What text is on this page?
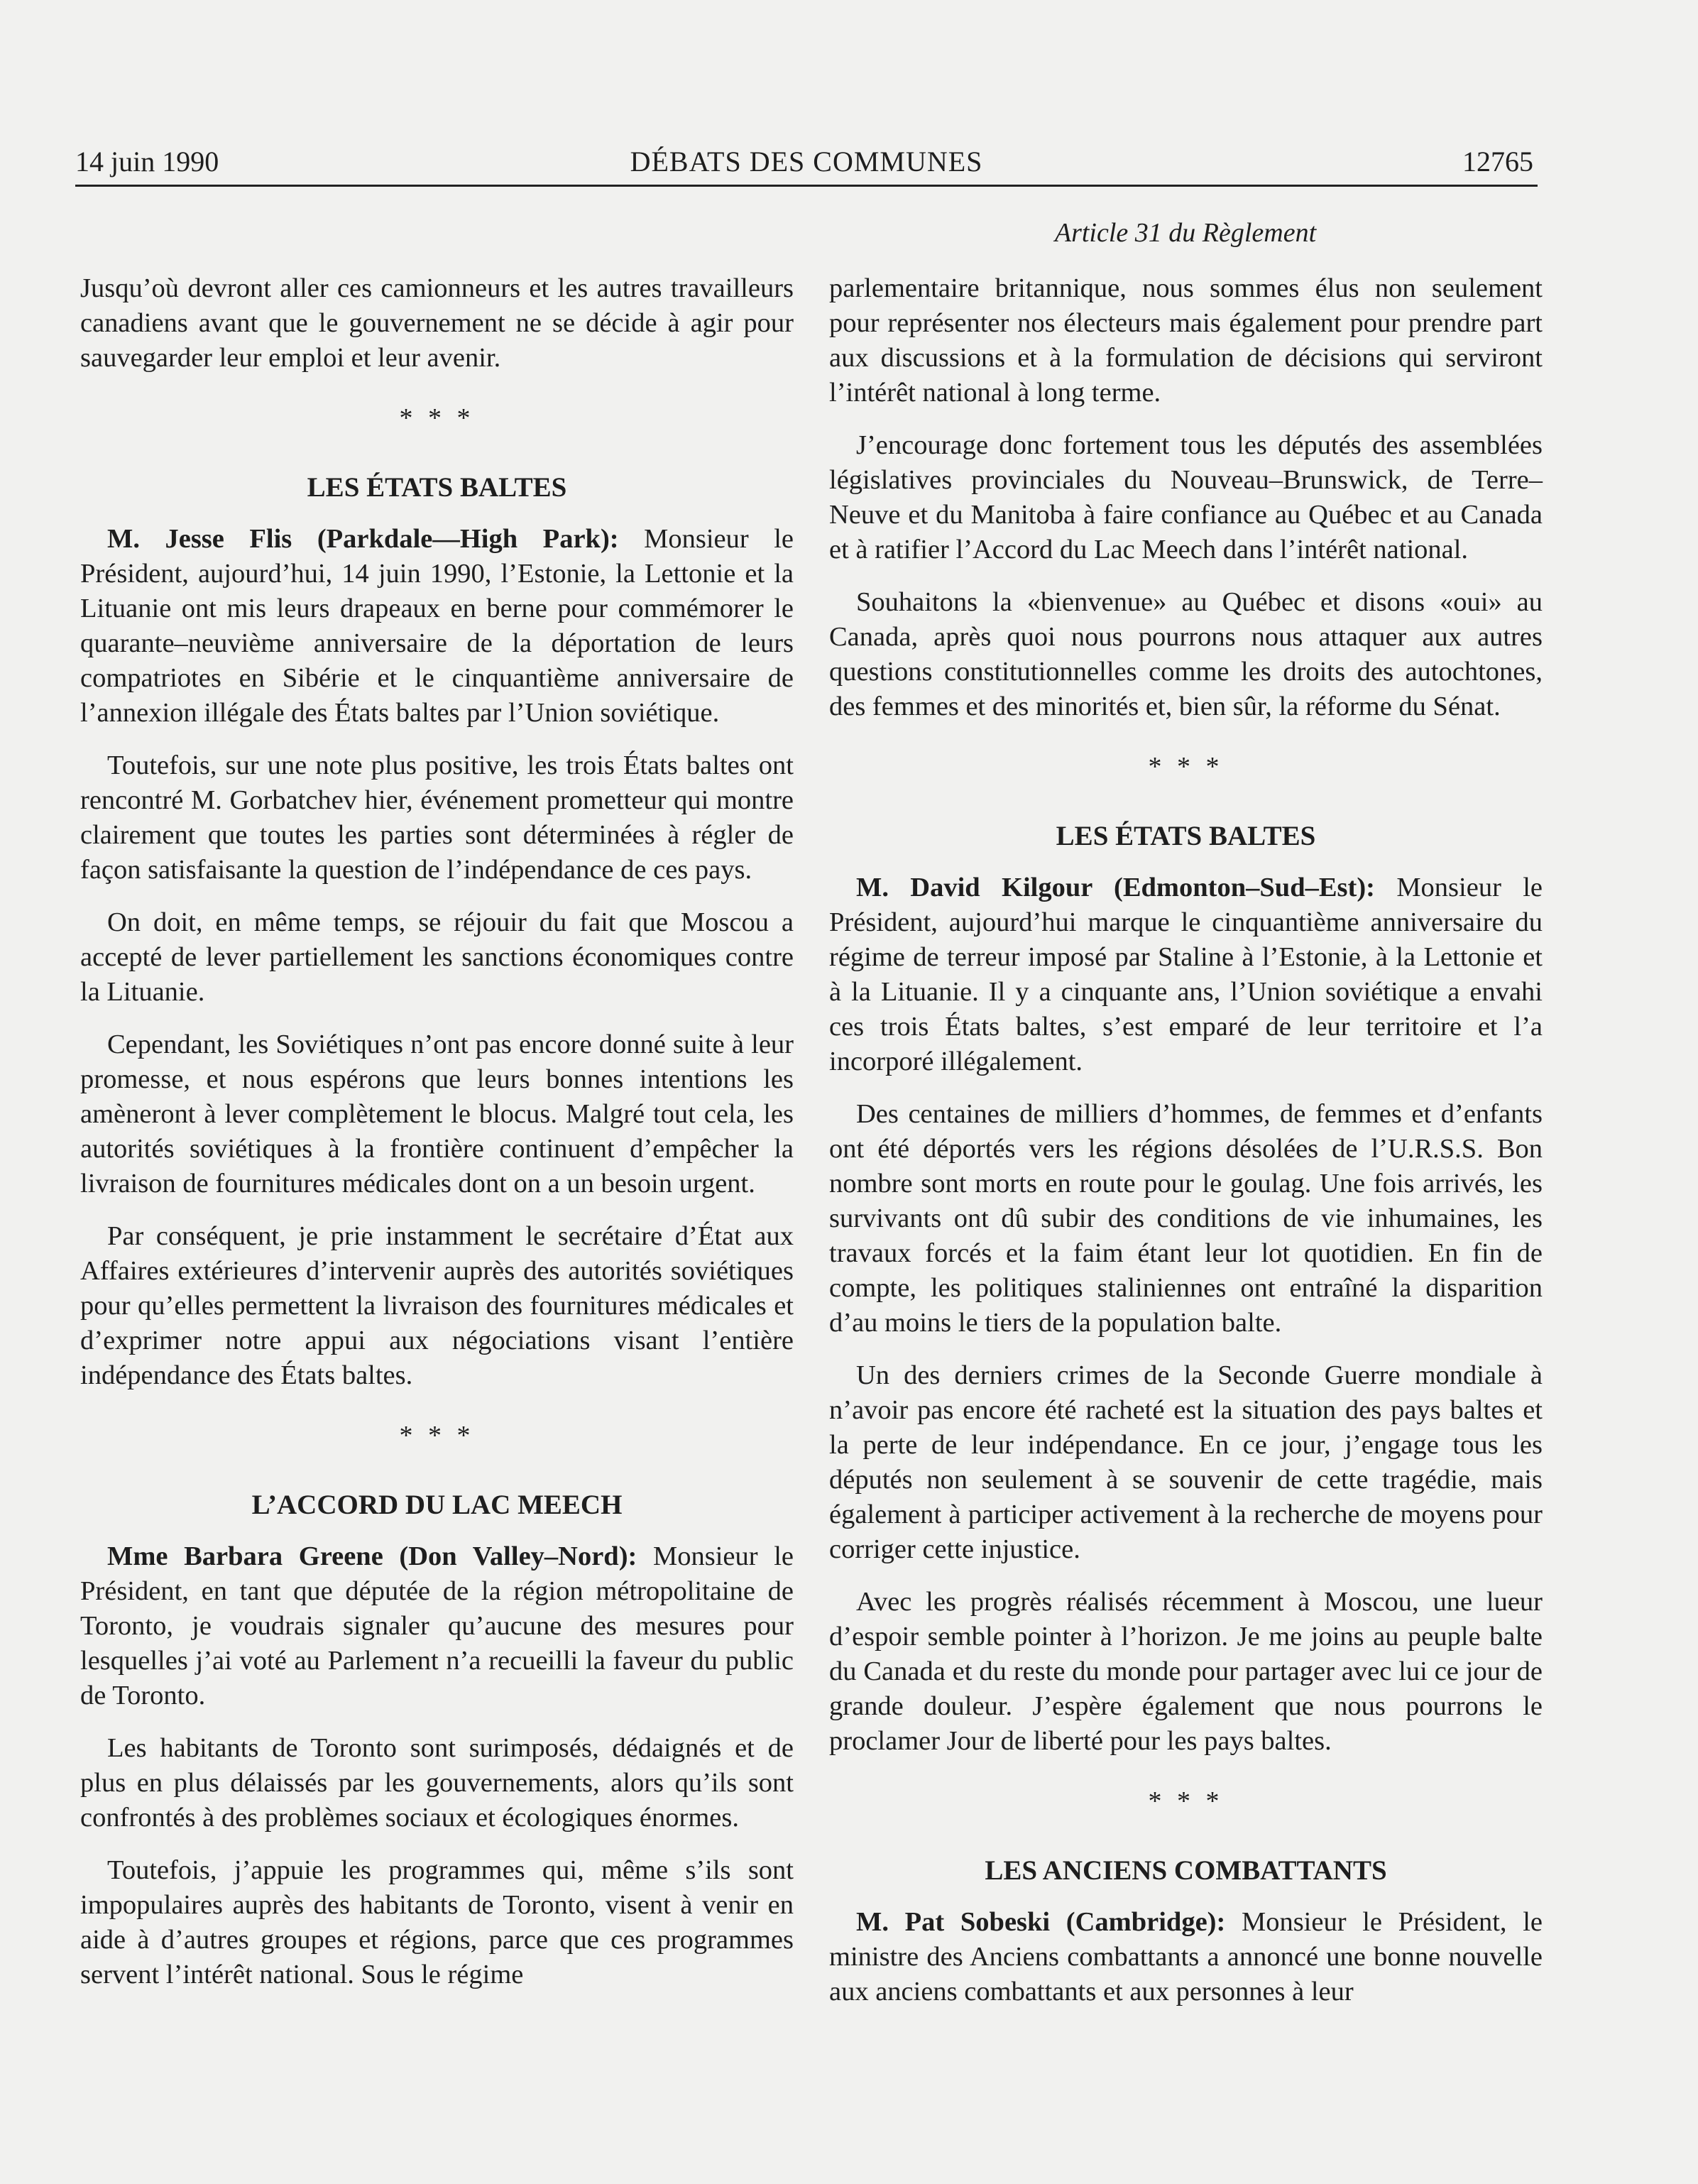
14 juin 1990	DÉBATS DES COMMUNES	12765
Article 31 du Règlement

Jusqu’où devront aller ces camionneurs et les autres travailleurs canadiens avant que le gouvernement ne se décide à agir pour sauvegarder leur emploi et leur avenir.

* * *
LES ÉTATS BALTES

M. Jesse Flis (Parkdale—High Park): Monsieur le Président, aujourd’hui, 14 juin 1990, l’Estonie, la Lettonie et la Lituanie ont mis leurs drapeaux en berne pour commémorer le quarante–neuvième anniversaire de la déportation de leurs compatriotes en Sibérie et le cinquantième anniversaire de l’annexion illégale des États baltes par l’Union soviétique.

Toutefois, sur une note plus positive, les trois États baltes ont rencontré M. Gorbatchev hier, événement prometteur qui montre clairement que toutes les parties sont déterminées à régler de façon satisfaisante la question de l’indépendance de ces pays.

On doit, en même temps, se réjouir du fait que Moscou a accepté de lever partiellement les sanctions économiques contre la Lituanie.

Cependant, les Soviétiques n’ont pas encore donné suite à leur promesse, et nous espérons que leurs bonnes intentions les amèneront à lever complètement le blocus. Malgré tout cela, les autorités soviétiques à la frontière continuent d’empêcher la livraison de fournitures médicales dont on a un besoin urgent.

Par conséquent, je prie instamment le secrétaire d’État aux Affaires extérieures d’intervenir auprès des autorités soviétiques pour qu’elles permettent la livraison des fournitures médicales et d’exprimer notre appui aux négociations visant l’entière indépendance des États baltes.

* * *
L’ACCORD DU LAC MEECH

Mme Barbara Greene (Don Valley–Nord): Monsieur le Président, en tant que députée de la région métropolitaine de Toronto, je voudrais signaler qu’aucune des mesures pour lesquelles j’ai voté au Parlement n’a recueilli la faveur du public de Toronto.

Les habitants de Toronto sont surimposés, dédaignés et de plus en plus délaissés par les gouvernements, alors qu’ils sont confrontés à des problèmes sociaux et écologiques énormes.

Toutefois, j’appuie les programmes qui, même s’ils sont impopulaires auprès des habitants de Toronto, visent à venir en aide à d’autres groupes et régions, parce que ces programmes servent l’intérêt national. Sous le régime

parlementaire britannique, nous sommes élus non seulement pour représenter nos électeurs mais également pour prendre part aux discussions et à la formulation de décisions qui serviront l’intérêt national à long terme.

J’encourage donc fortement tous les députés des assemblées législatives provinciales du Nouveau–Brunswick, de Terre–Neuve et du Manitoba à faire confiance au Québec et au Canada et à ratifier l’Accord du Lac Meech dans l’intérêt national.

Souhaitons la «bienvenue» au Québec et disons «oui» au Canada, après quoi nous pourrons nous attaquer aux autres questions constitutionnelles comme les droits des autochtones, des femmes et des minorités et, bien sûr, la réforme du Sénat.

* * *
LES ÉTATS BALTES

M. David Kilgour (Edmonton–Sud–Est): Monsieur le Président, aujourd’hui marque le cinquantième anniversaire du régime de terreur imposé par Staline à l’Estonie, à la Lettonie et à la Lituanie. Il y a cinquante ans, l’Union soviétique a envahi ces trois États baltes, s’est emparé de leur territoire et l’a incorporé illégalement.

Des centaines de milliers d’hommes, de femmes et d’enfants ont été déportés vers les régions désolées de l’U.R.S.S. Bon nombre sont morts en route pour le goulag. Une fois arrivés, les survivants ont dû subir des conditions de vie inhumaines, les travaux forcés et la faim étant leur lot quotidien. En fin de compte, les politiques staliniennes ont entraîné la disparition d’au moins le tiers de la population balte.

Un des derniers crimes de la Seconde Guerre mondiale à n’avoir pas encore été racheté est la situation des pays baltes et la perte de leur indépendance. En ce jour, j’engage tous les députés non seulement à se souvenir de cette tragédie, mais également à participer activement à la recherche de moyens pour corriger cette injustice.

Avec les progrès réalisés récemment à Moscou, une lueur d’espoir semble pointer à l’horizon. Je me joins au peuple balte du Canada et du reste du monde pour partager avec lui ce jour de grande douleur. J’espère également que nous pourrons le proclamer Jour de liberté pour les pays baltes.

* * *
LES ANCIENS COMBATTANTS

M. Pat Sobeski (Cambridge): Monsieur le Président, le ministre des Anciens combattants a annoncé une bonne nouvelle aux anciens combattants et aux personnes à leur
